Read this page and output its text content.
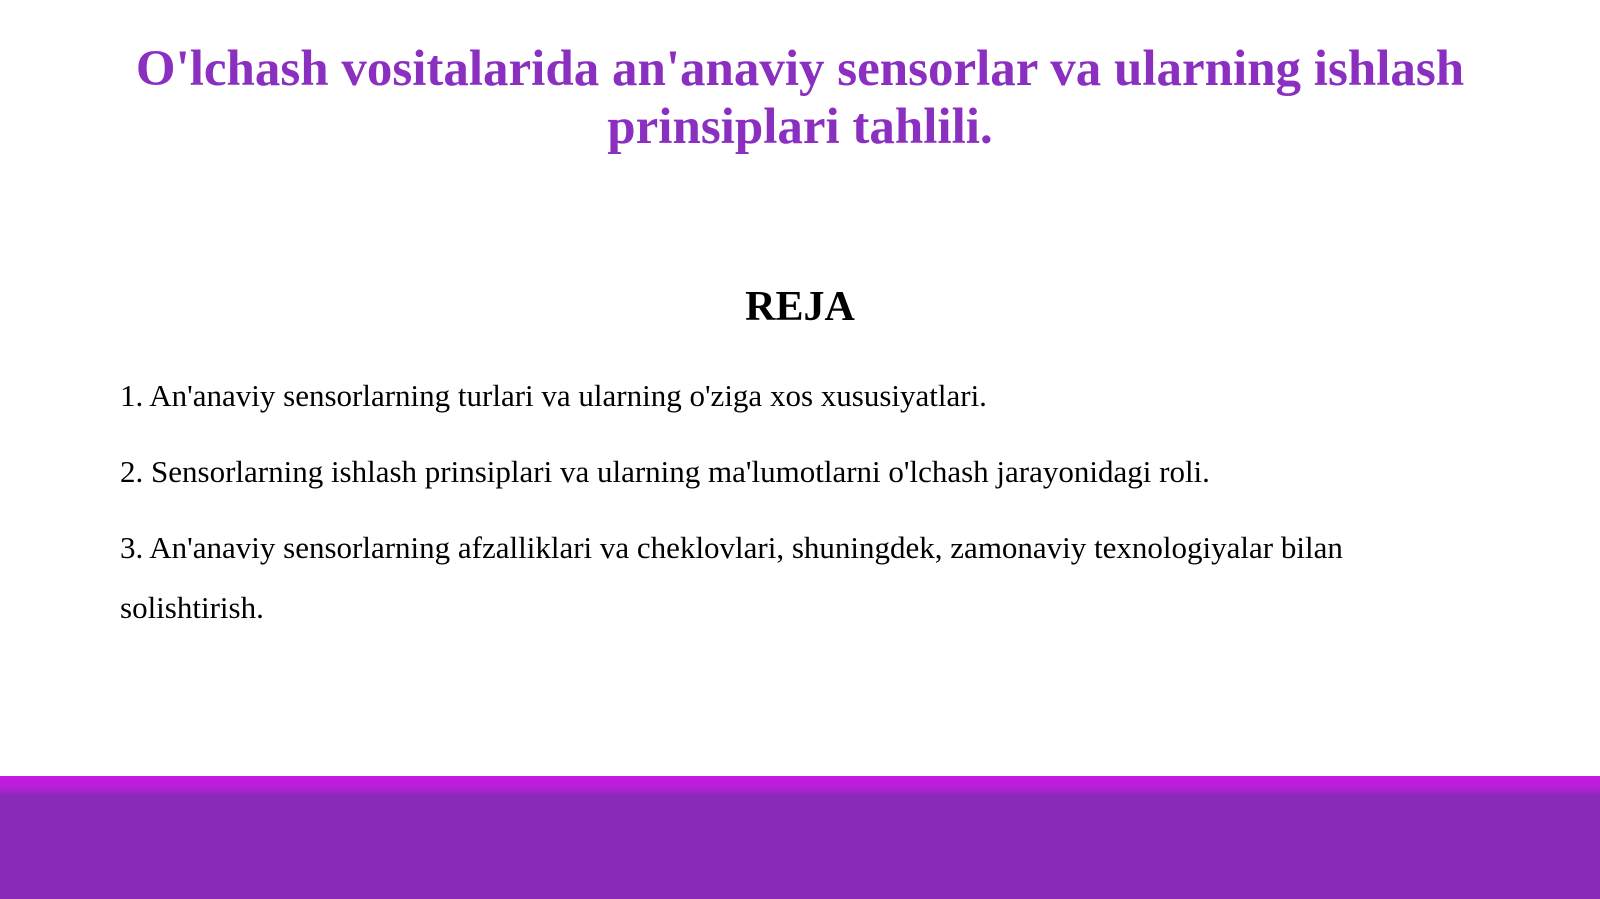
O'lchash vositalarida an'anaviy sensorlar va ularning ishlash prinsiplari tahlili.
REJA
1. An'anaviy sensorlarning turlari va ularning o'ziga xos xususiyatlari.
2. Sensorlarning ishlash prinsiplari va ularning ma'lumotlarni o'lchash jarayonidagi roli.
3. An'anaviy sensorlarning afzalliklari va cheklovlari, shuningdek, zamonaviy texnologiyalar bilan solishtirish.
